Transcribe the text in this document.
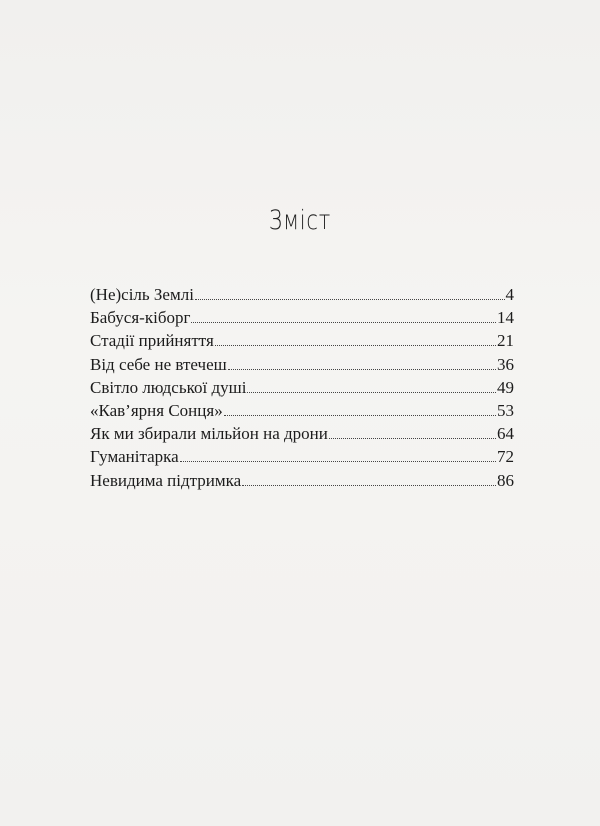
Зміст
(Не)сіль Землі	4
Бабуся-кіборг	14
Стадії прийняття	21
Від себе не втечеш	36
Світло людської душі	49
«Кав’ярня Сонця»	53
Як ми збирали мільйон на дрони	64
Гуманітарка	72
Невидима підтримка	86
